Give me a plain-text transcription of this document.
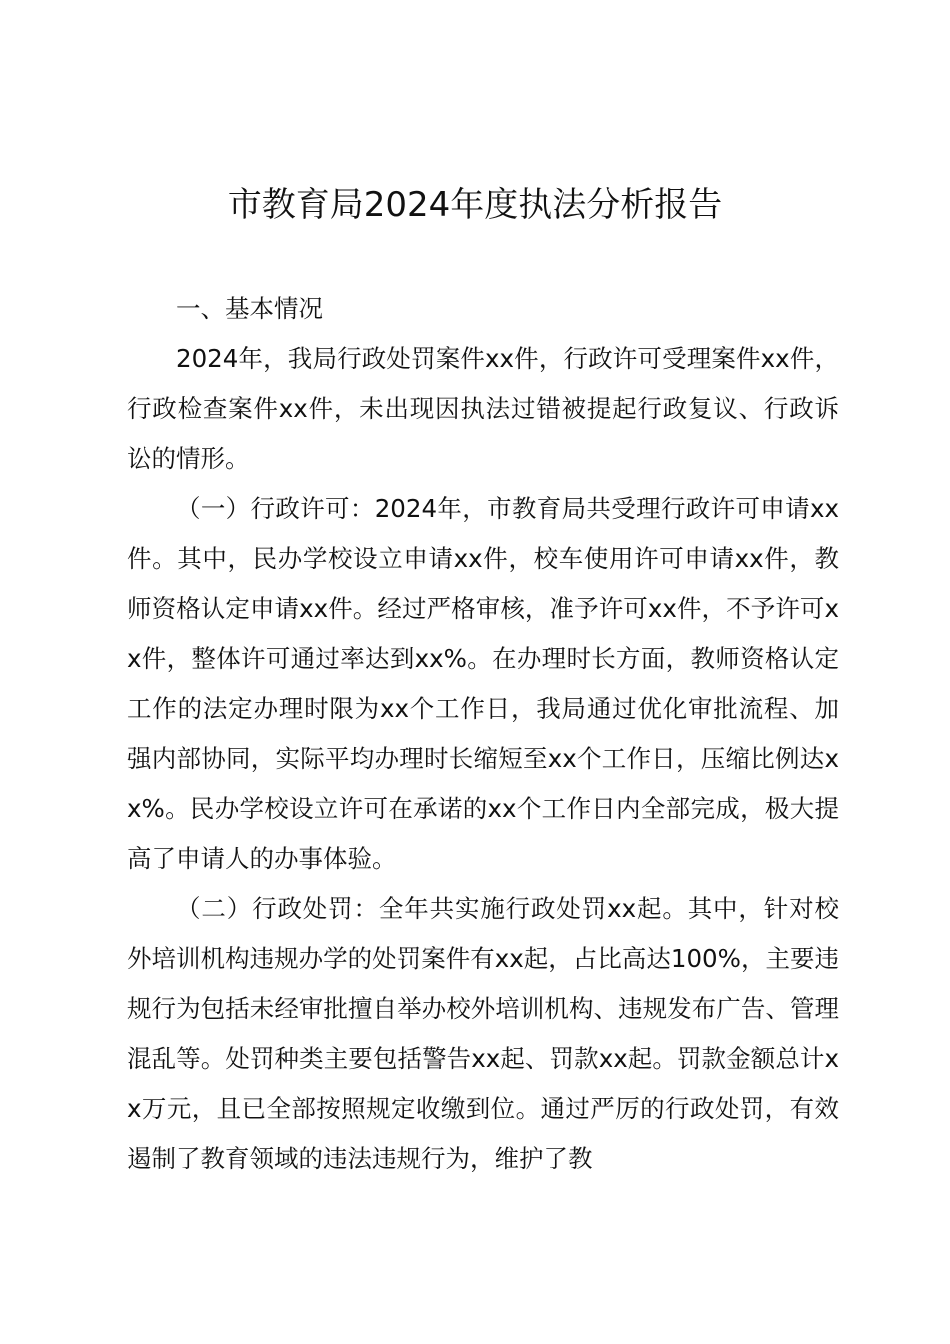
市教育局2024年度执法分析报告
一、基本情况

2024年，我局行政处罚案件xx件，行政许可受理案件xx件，行政检查案件xx件，未出现因执法过错被提起行政复议、行政诉讼的情形。

（一）行政许可：2024年，市教育局共受理行政许可申请xx件。其中，民办学校设立申请xx件，校车使用许可申请xx件，教师资格认定申请xx件。经过严格审核，准予许可xx件，不予许可xx件，整体许可通过率达到xx%。在办理时长方面，教师资格认定工作的法定办理时限为xx个工作日，我局通过优化审批流程、加强内部协同，实际平均办理时长缩短至xx个工作日，压缩比例达xx%。民办学校设立许可在承诺的xx个工作日内全部完成，极大提高了申请人的办事体验。

（二）行政处罚：全年共实施行政处罚xx起。其中，针对校外培训机构违规办学的处罚案件有xx起，占比高达100%，主要违规行为包括未经审批擅自举办校外培训机构、违规发布广告、管理混乱等。处罚种类主要包括警告xx起、罚款xx起。罚款金额总计xx万元，且已全部按照规定收缴到位。通过严厉的行政处罚，有效遏制了教育领域的违法违规行为，维护了教
